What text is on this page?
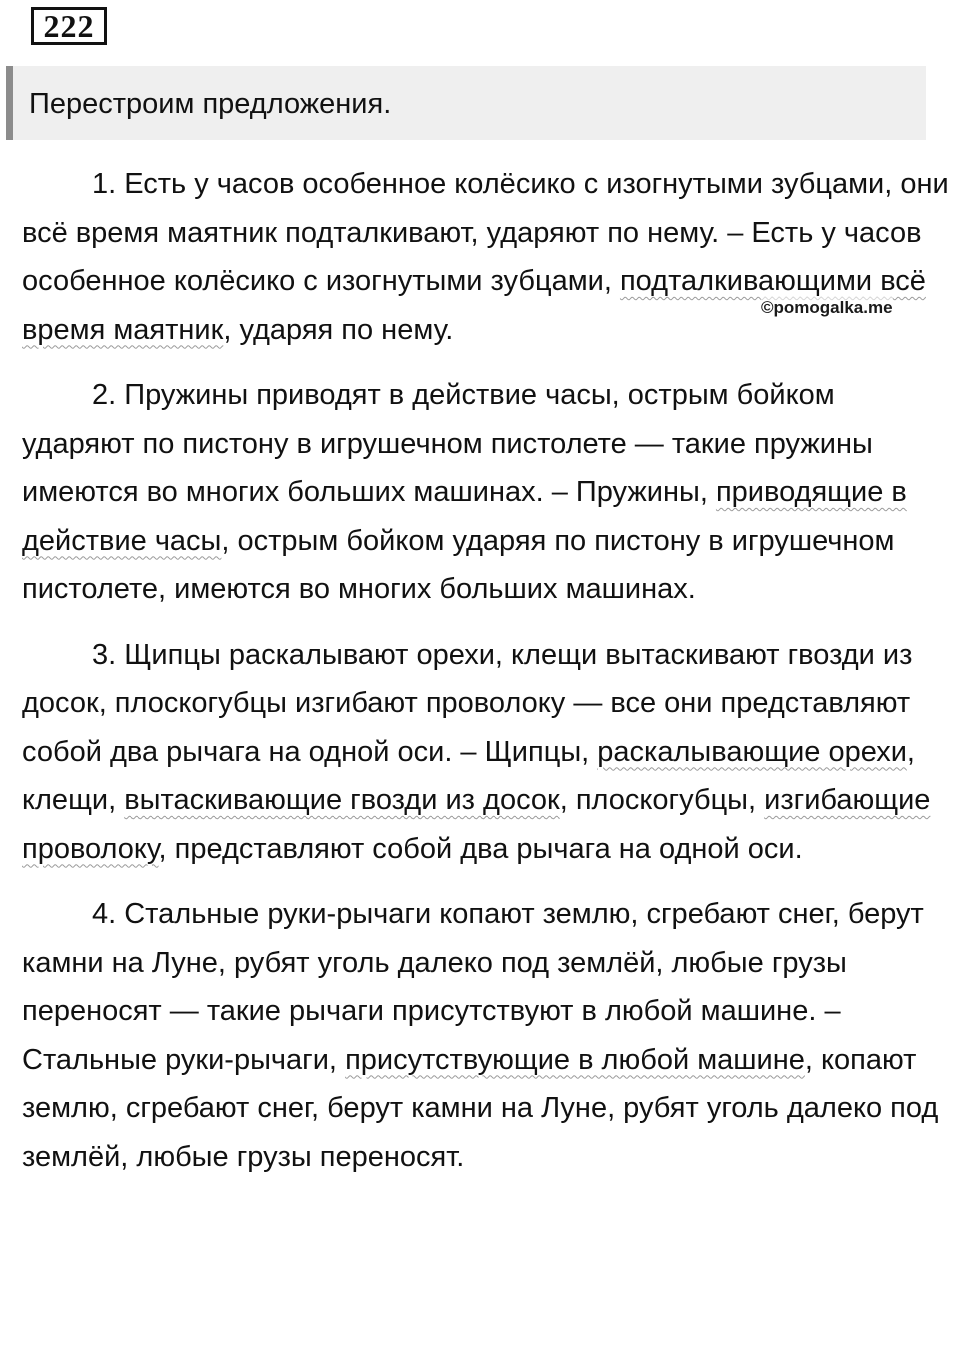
222
Перестроим предложения.

1. Есть у часов особенное колёсико с изогнутыми зубцами, они всё время маятник подталкивают, ударяют по нему. – Есть у часов особенное колёсико с изогнутыми зубцами, подталкивающими всё время маятник, ударяя по нему.

2. Пружины приводят в действие часы, острым бойком ударяют по пистону в игрушечном пистолете — такие пружины имеются во многих больших машинах. – Пружины, приводящие в действие часы, острым бойком ударяя по пистону в игрушечном пистолете, имеются во многих больших машинах.

3. Щипцы раскалывают орехи, клещи вытаскивают гвозди из досок, плоскогубцы изгибают проволоку — все они представляют собой два рычага на одной оси. – Щипцы, раскалывающие орехи, клещи, вытаскивающие гвозди из досок, плоскогубцы, изгибающие проволоку, представляют собой два рычага на одной оси.

4. Стальные руки-рычаги копают землю, сгребают снег, берут камни на Луне, рубят уголь далеко под землёй, любые грузы переносят — такие рычаги присутствуют в любой машине. – Стальные руки-рычаги, присутствующие в любой машине, копают землю, сгребают снег, берут камни на Луне, рубят уголь далеко под землёй, любые грузы переносят.

©pomogalka.me
